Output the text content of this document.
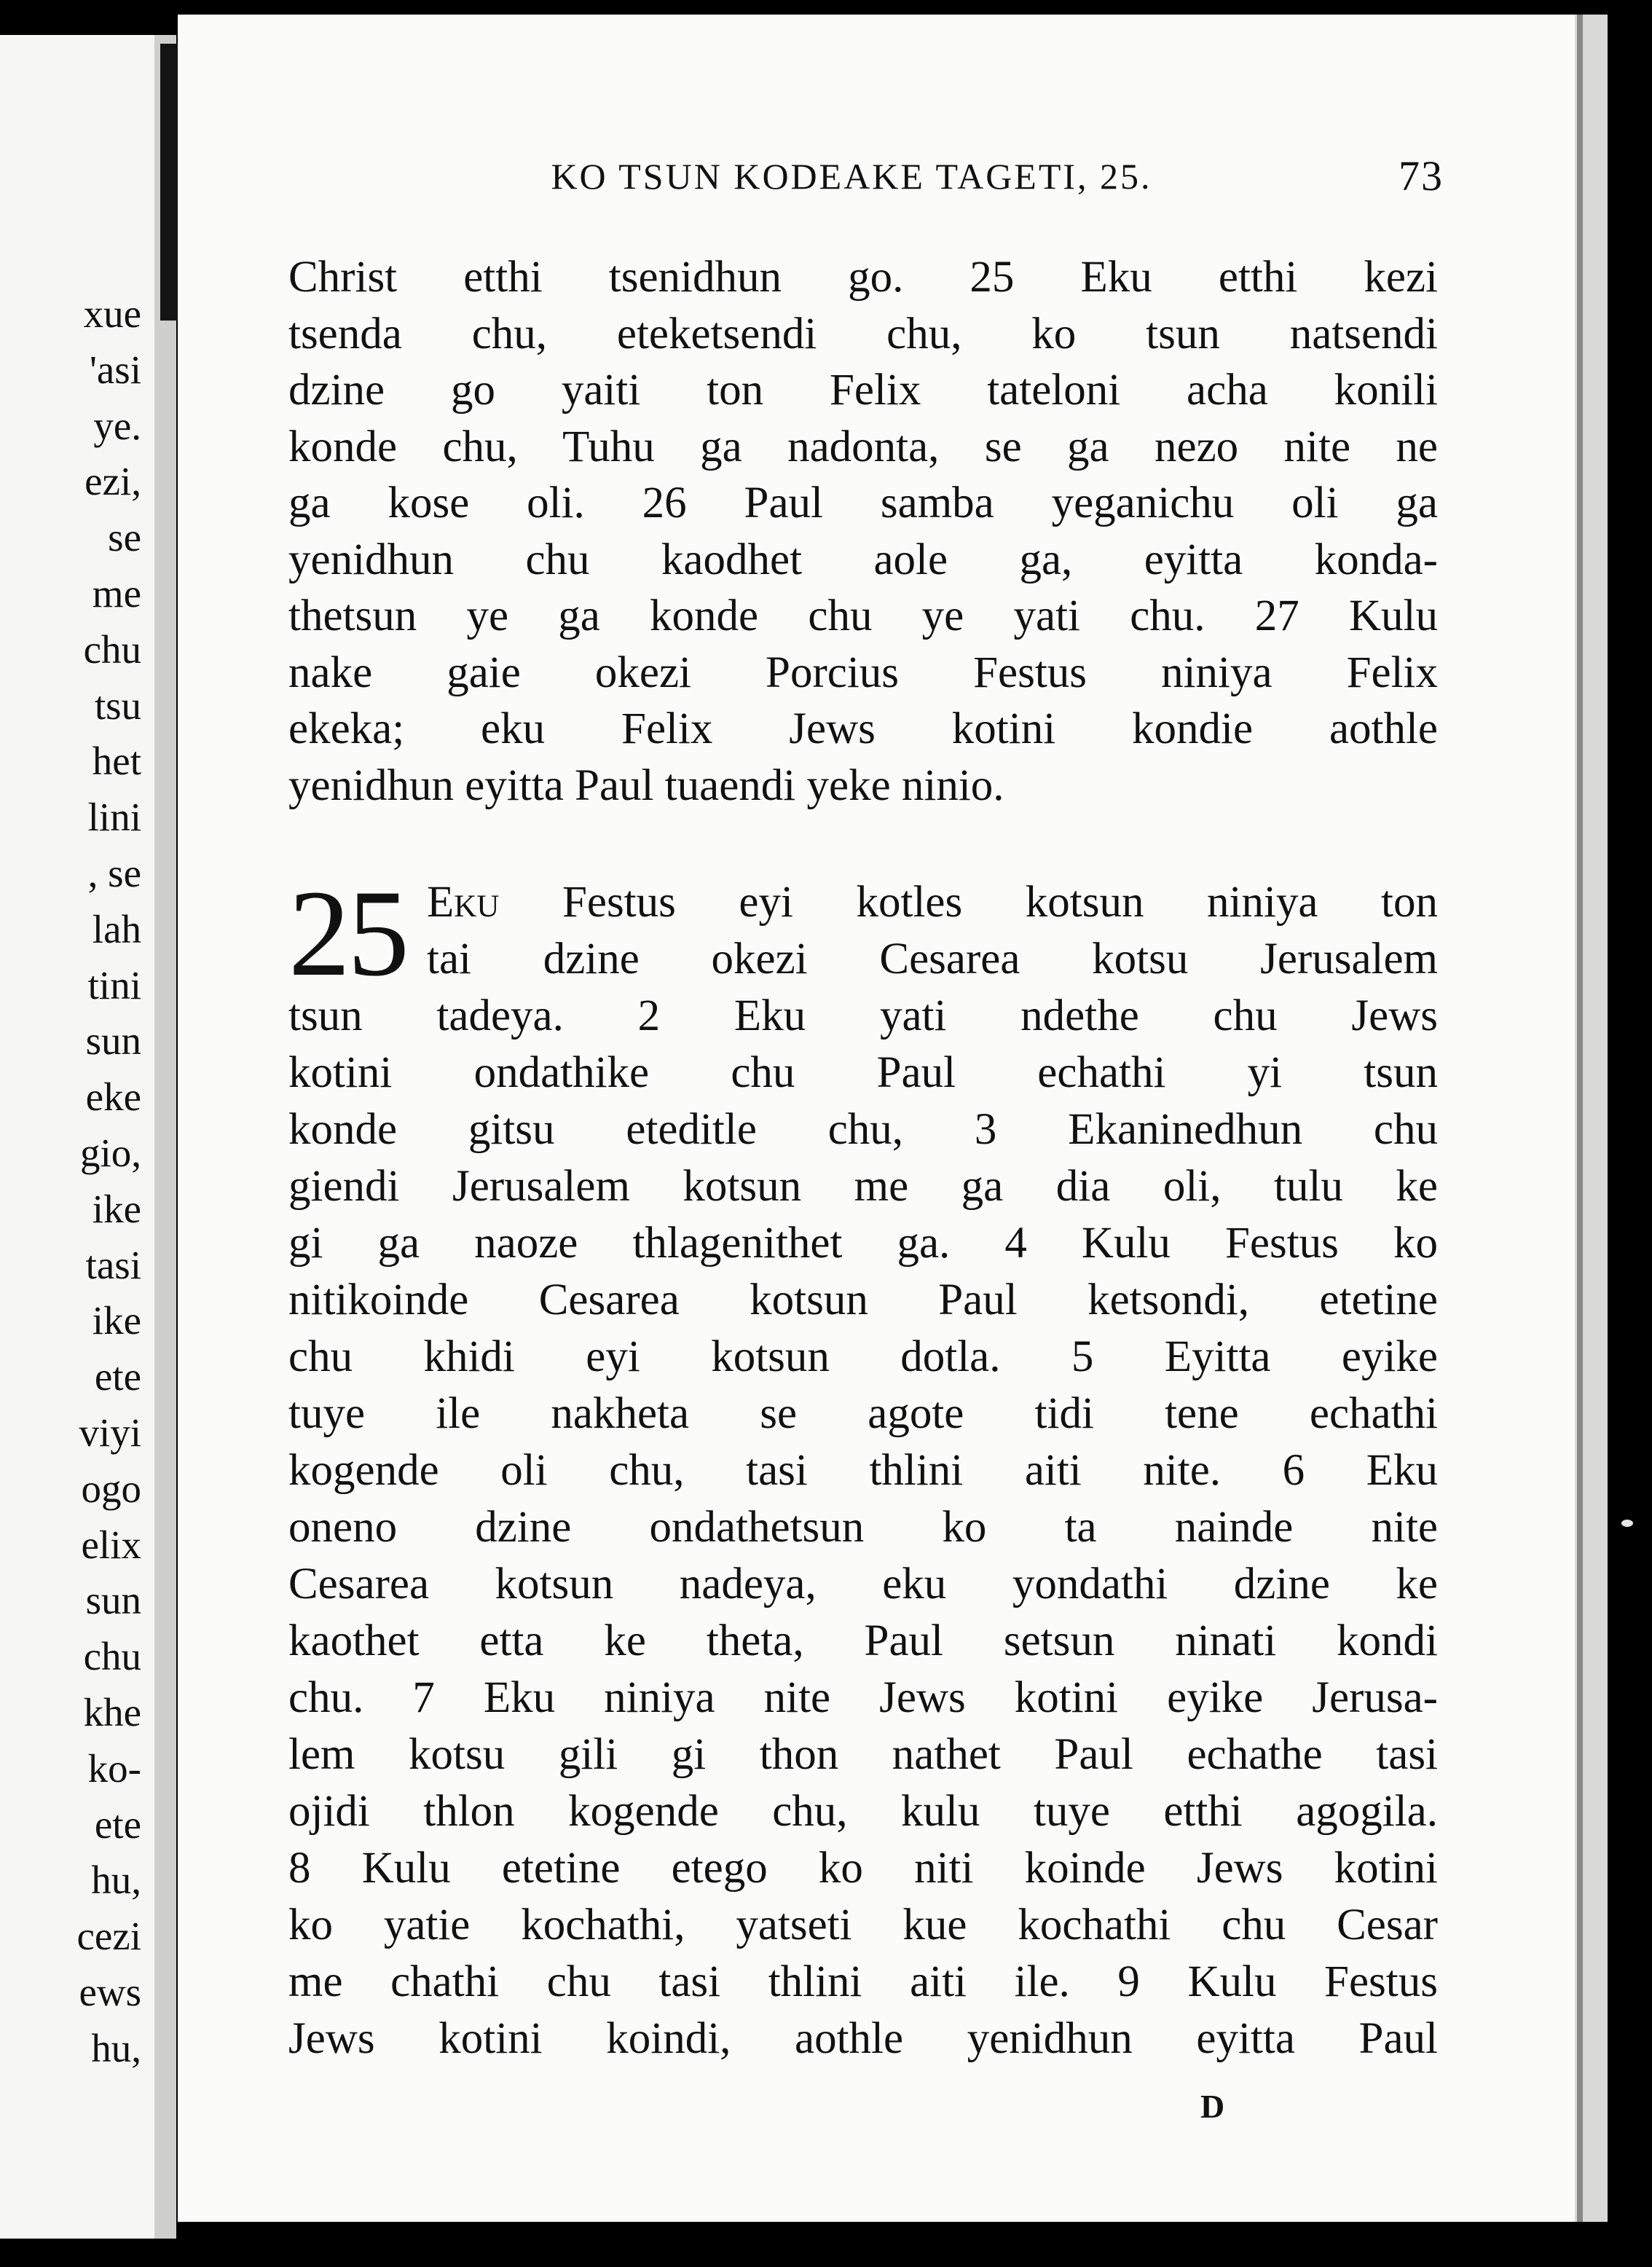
xue
'asi
ye.
ezi,
se
me
chu
tsu
het
lini
, se
lah
tini
sun
eke
gio,
ike
tasi
ike
ete
viyi
ogo
elix
sun
chu
khe
ko-
ete
hu,
cezi
ews
hu,
KO TSUN KODEAKE TAGETI, 25.	73
Christ etthi tsenidhun go. 25 Eku etthi kezi
tsenda chu, eteketsendi chu, ko tsun natsendi
dzine go yaiti ton Felix tateloni acha konili
konde chu, Tuhu ga nadonta, se ga nezo nite ne
ga kose oli. 26 Paul samba yeganichu oli ga
yenidhun chu kaodhet aole ga, eyitta konda-
thetsun ye ga konde chu ye yati chu. 27 Kulu
nake gaie okezi Porcius Festus niniya Felix
ekeka; eku Felix Jews kotini kondie aothle
yenidhun eyitta Paul tuaendi yeke ninio.
25 Eku Festus eyi kotles kotsun niniya ton
tai dzine okezi Cesarea kotsu Jerusalem
tsun tadeya. 2 Eku yati ndethe chu Jews
kotini ondathike chu Paul echathi yi tsun
konde gitsu eteditle chu, 3 Ekaninedhun chu
giendi Jerusalem kotsun me ga dia oli, tulu ke
gi ga naoze thlagenithet ga. 4 Kulu Festus ko
nitikoinde Cesarea kotsun Paul ketsondi, etetine
chu khidi eyi kotsun dotla. 5 Eyitta eyike
tuye ile nakheta se agote tidi tene echathi
kogende oli chu, tasi thlini aiti nite. 6 Eku
oneno dzine ondathetsun ko ta nainde nite
Cesarea kotsun nadeya, eku yondathi dzine ke
kaothet etta ke theta, Paul setsun ninati kondi
chu. 7 Eku niniya nite Jews kotini eyike Jerusa-
lem kotsu gili gi thon nathet Paul echathe tasi
ojidi thlon kogende chu, kulu tuye etthi agogila.
8 Kulu etetine etego ko niti koinde Jews kotini
ko yatie kochathi, yatseti kue kochathi chu Cesar
me chathi chu tasi thlini aiti ile. 9 Kulu Festus
Jews kotini koindi, aothle yenidhun eyitta Paul
D
